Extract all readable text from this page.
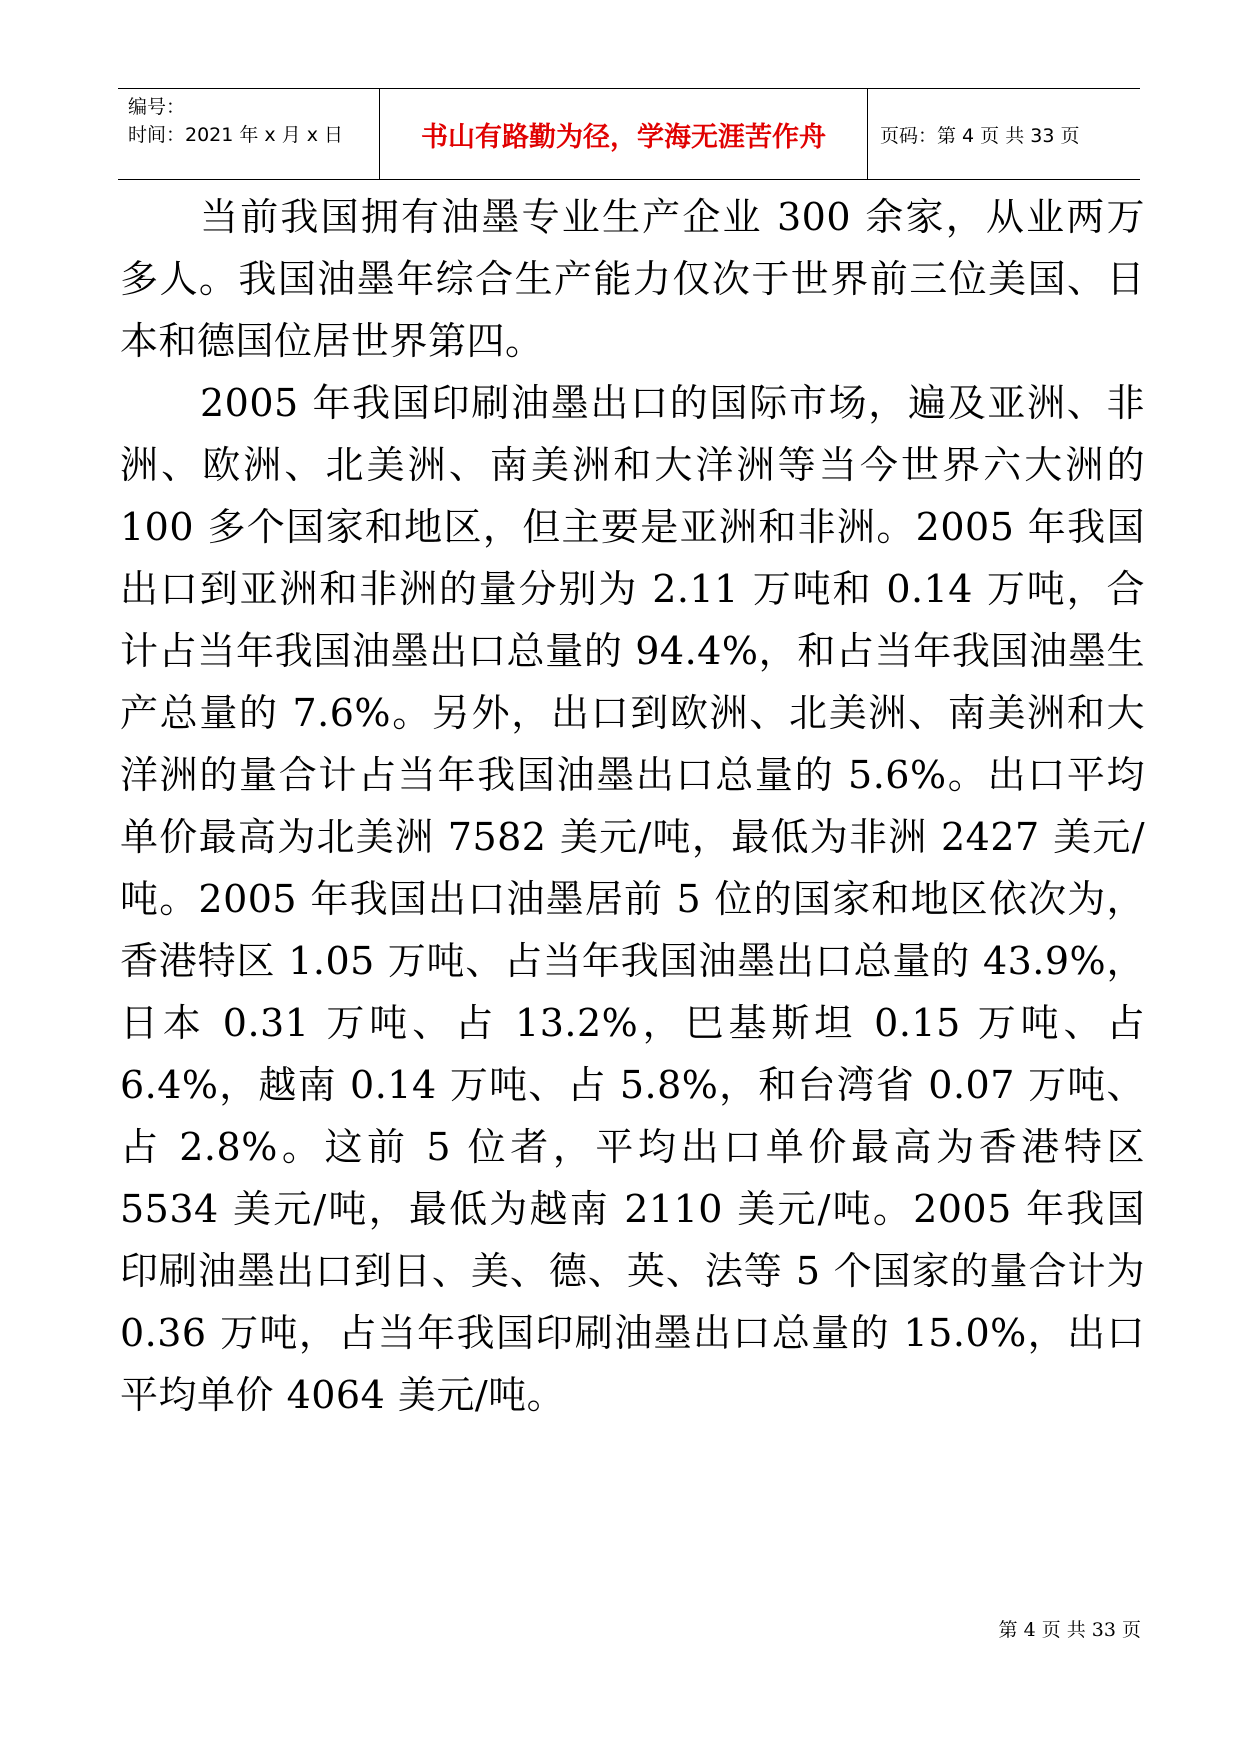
编号：
时间：2021 年 x 月 x 日	书山有路勤为径，学海无涯苦作舟	页码：第 4 页 共 33 页

当前我国拥有油墨专业生产企业 300 余家，从业两万多人。我国油墨年综合生产能力仅次于世界前三位美国、日本和德国位居世界第四。

2005 年我国印刷油墨出口的国际市场，遍及亚洲、非洲、欧洲、北美洲、南美洲和大洋洲等当今世界六大洲的 100 多个国家和地区，但主要是亚洲和非洲。2005 年我国出口到亚洲和非洲的量分别为 2.11 万吨和 0.14 万吨，合计占当年我国油墨出口总量的 94.4%，和占当年我国油墨生产总量的 7.6%。另外，出口到欧洲、北美洲、南美洲和大洋洲的量合计占当年我国油墨出口总量的 5.6%。出口平均单价最高为北美洲 7582 美元/吨，最低为非洲 2427 美元/吨。2005 年我国出口油墨居前 5 位的国家和地区依次为，香港特区 1.05 万吨、占当年我国油墨出口总量的 43.9%，日本 0.31 万吨、占 13.2%，巴基斯坦 0.15 万吨、占 6.4%，越南 0.14 万吨、占 5.8%，和台湾省 0.07 万吨、占 2.8%。这前 5 位者，平均出口单价最高为香港特区 5534 美元/吨，最低为越南 2110 美元/吨。2005 年我国印刷油墨出口到日、美、德、英、法等 5 个国家的量合计为 0.36 万吨，占当年我国印刷油墨出口总量的 15.0%，出口平均单价 4064 美元/吨。

第 4 页 共 33 页
